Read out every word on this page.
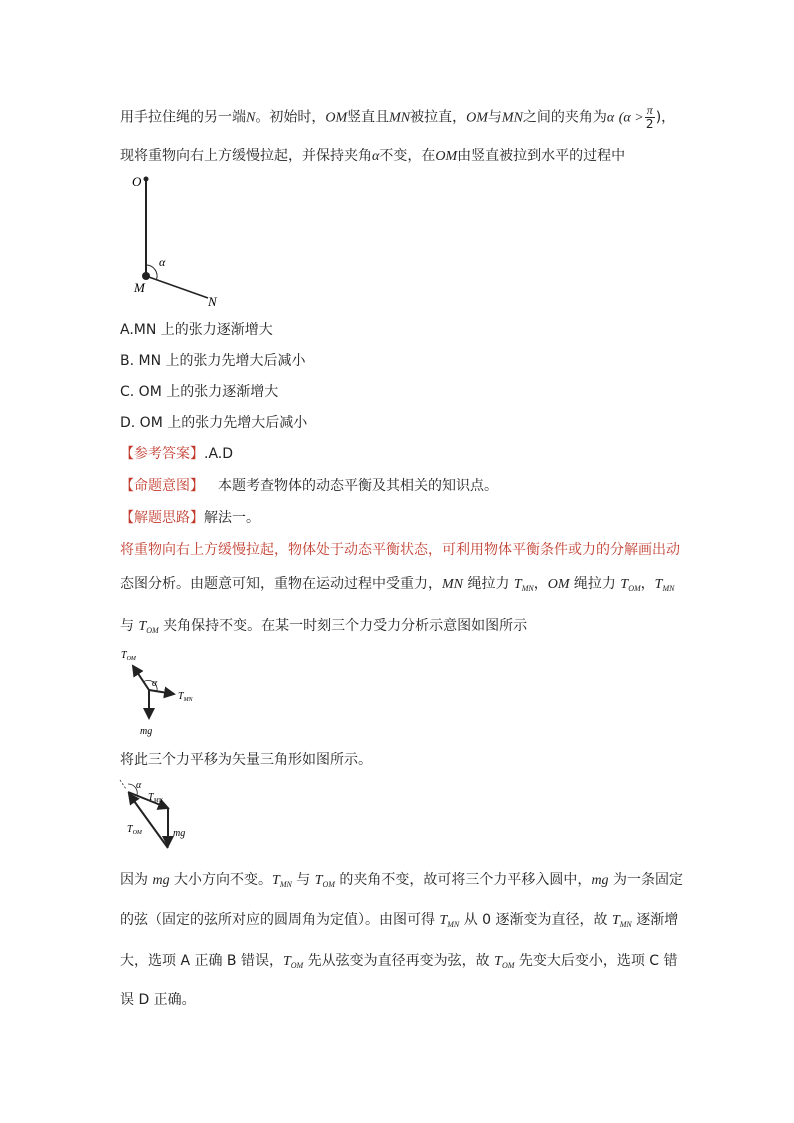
用手拉住绳的另一端N。初始时，OM竖直且MN被拉直，OM与MN之间的夹角为α ($\alpha > \frac{\pi}{2}$ )，
现将重物向右上方缓慢拉起，并保持夹角α不变，在OM由竖直被拉到水平的过程中
O
M
N
α
A.MN 上的张力逐渐增大
B. MN 上的张力先增大后减小
C. OM 上的张力逐渐增大
D. OM 上的张力先增大后减小
【参考答案】.A.D
【命题意图】 本题考查物体的动态平衡及其相关的知识点。
【解题思路】解法一。
将重物向右上方缓慢拉起，物体处于动态平衡状态，可利用物体平衡条件或力的分解画出动
态图分析。由题意可知，重物在运动过程中受重力，MN 绳拉力 $T_{MN}$，OM 绳拉力 $T_{OM}$，$T_{MN}$
与 $T_{OM}$ 夹角保持不变。在某一时刻三个力受力分析示意图如图所示
$T_{OM}$
α
$T_{MN}$
mg
将此三个力平移为矢量三角形如图所示。
α
$T_{MN}$
$T_{OM}$	mg
因为 mg 大小方向不变。$T_{MN}$ 与 $T_{OM}$ 的夹角不变，故可将三个力平移入圆中，mg 为一条固定
的弦（固定的弦所对应的圆周角为定值）。由图可得 $T_{MN}$ 从 0 逐渐变为直径，故 $T_{MN}$ 逐渐增
大，选项 A 正确 B 错误，$T_{OM}$ 先从弦变为直径再变为弦，故 $T_{OM}$ 先变大后变小，选项 C 错
误 D 正确。
